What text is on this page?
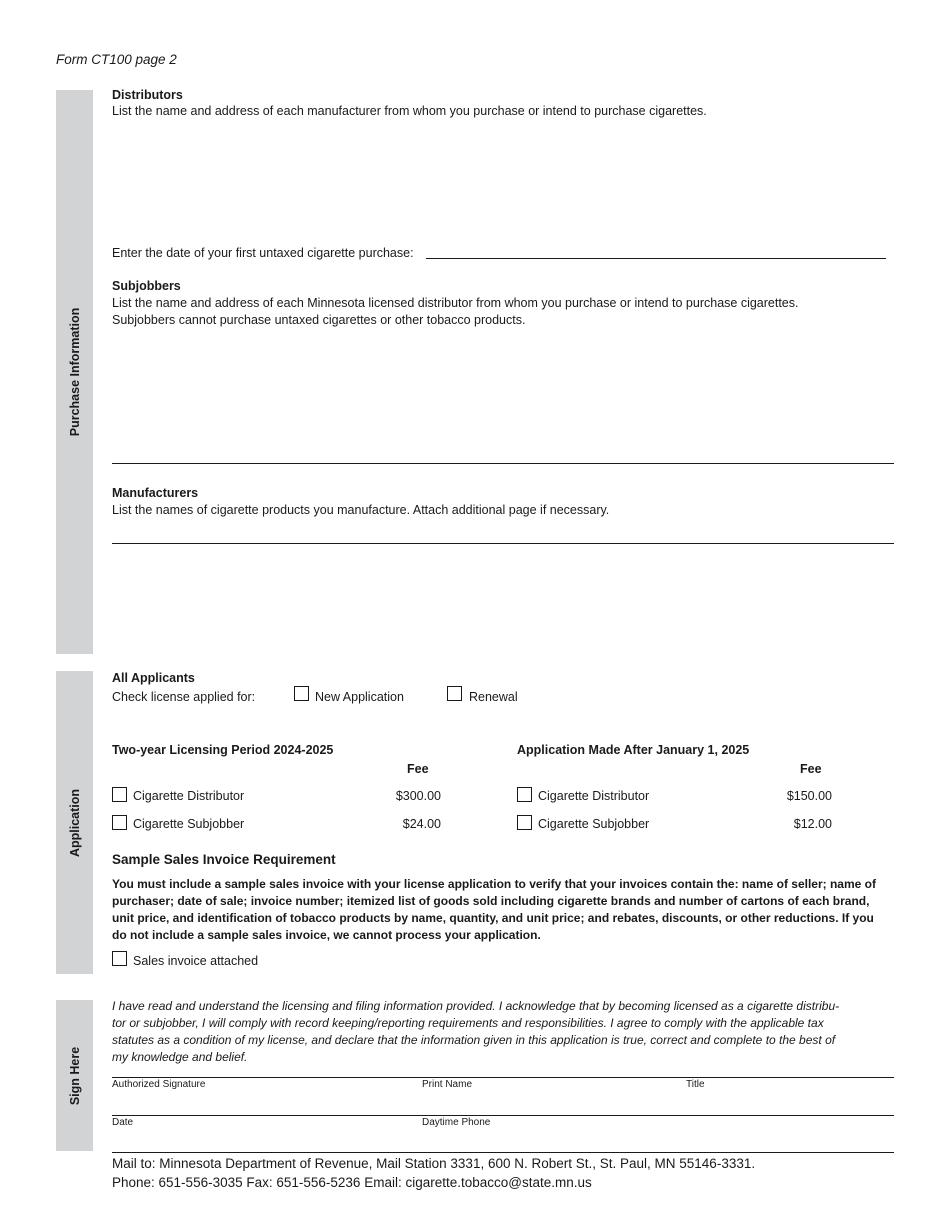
Form CT100 page 2
Purchase Information
Application
Sign Here
Distributors
List the name and address of each manufacturer from whom you purchase or intend to purchase cigarettes.
Enter the date of your first untaxed cigarette purchase:
Subjobbers
List the name and address of each Minnesota licensed distributor from whom you purchase or intend to purchase cigarettes.
Subjobbers cannot purchase untaxed cigarettes or other tobacco products.
Manufacturers
List the names of cigarette products you manufacture. Attach additional page if necessary.
All Applicants
Check license applied for:	New Application	Renewal
Two-year Licensing Period 2024-2025
Fee
Cigarette Distributor	$300.00
Cigarette Subjobber	$24.00
Application Made After January 1, 2025
Fee
Cigarette Distributor	$150.00
Cigarette Subjobber	$12.00
Sample Sales Invoice Requirement
You must include a sample sales invoice with your license application to verify that your invoices contain the: name of seller; name of
purchaser; date of sale; invoice number; itemized list of goods sold including cigarette brands and number of cartons of each brand,
unit price, and identification of tobacco products by name, quantity, and unit price; and rebates, discounts, or other reductions. If you
do not include a sample sales invoice, we cannot process your application.
Sales invoice attached
I have read and understand the licensing and filing information provided. I acknowledge that by becoming licensed as a cigarette distribu-
tor or subjobber, I will comply with record keeping/reporting requirements and responsibilities. I agree to comply with the applicable tax
statutes as a condition of my license, and declare that the information given in this application is true, correct and complete to the best of
my knowledge and belief.
Authorized Signature	Print Name	Title
Date	Daytime Phone
Mail to: Minnesota Department of Revenue, Mail Station 3331, 600 N. Robert St., St. Paul, MN 55146-3331.
Phone: 651-556-3035 Fax: 651-556-5236 Email: cigarette.tobacco@state.mn.us
